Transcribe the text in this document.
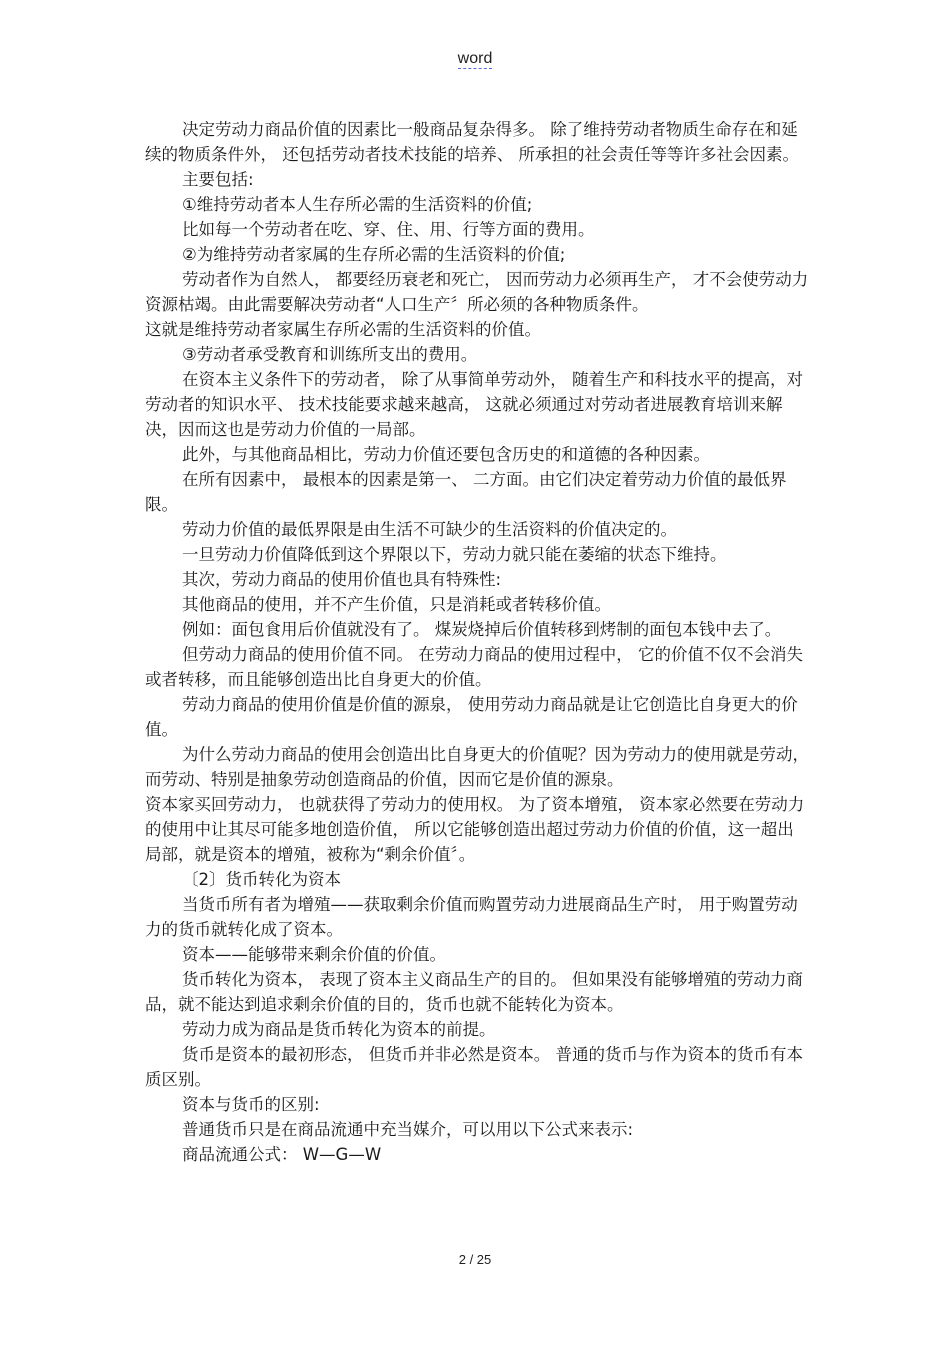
word

决定劳动力商品价值的因素比一般商品复杂得多。 除了维持劳动者物质生命存在和延续的物质条件外， 还包括劳动者技术技能的培养、 所承担的社会责任等等许多社会因素。

主要包括:

①维持劳动者本人生存所必需的生活资料的价值;

比如每一个劳动者在吃、穿、住、用、行等方面的费用。

②为维持劳动者家属的生存所必需的生活资料的价值;

劳动者作为自然人， 都要经历衰老和死亡， 因而劳动力必须再生产， 才不会使劳动力资源枯竭。由此需要解决劳动者“人口生产〞所必须的各种物质条件。

这就是维持劳动者家属生存所必需的生活资料的价值。

③劳动者承受教育和训练所支出的费用。

在资本主义条件下的劳动者， 除了从事简单劳动外， 随着生产和科技水平的提高，对劳动者的知识水平、 技术技能要求越来越高， 这就必须通过对劳动者进展教育培训来解决，因而这也是劳动力价值的一局部。

此外，与其他商品相比，劳动力价值还要包含历史的和道德的各种因素。

在所有因素中， 最根本的因素是第一、 二方面。由它们决定着劳动力价值的最低界限。

劳动力价值的最低界限是由生活不可缺少的生活资料的价值决定的。

一旦劳动力价值降低到这个界限以下，劳动力就只能在萎缩的状态下维持。

其次，劳动力商品的使用价值也具有特殊性:

其他商品的使用，并不产生价值，只是消耗或者转移价值。

例如：面包食用后价值就没有了。 煤炭烧掉后价值转移到烤制的面包本钱中去了。

但劳动力商品的使用价值不同。 在劳动力商品的使用过程中， 它的价值不仅不会消失或者转移，而且能够创造出比自身更大的价值。

劳动力商品的使用价值是价值的源泉， 使用劳动力商品就是让它创造比自身更大的价值。

为什么劳动力商品的使用会创造出比自身更大的价值呢？因为劳动力的使用就是劳动，而劳动、特别是抽象劳动创造商品的价值，因而它是价值的源泉。

资本家买回劳动力， 也就获得了劳动力的使用权。 为了资本增殖， 资本家必然要在劳动力的使用中让其尽可能多地创造价值， 所以它能够创造出超过劳动力价值的价值，这一超出局部，就是资本的增殖，被称为“剩余价值〞。

〔2〕货币转化为资本

当货币所有者为增殖——获取剩余价值而购置劳动力进展商品生产时， 用于购置劳动力的货币就转化成了资本。

资本——能够带来剩余价值的价值。

货币转化为资本， 表现了资本主义商品生产的目的。 但如果没有能够增殖的劳动力商品，就不能达到追求剩余价值的目的，货币也就不能转化为资本。

劳动力成为商品是货币转化为资本的前提。

货币是资本的最初形态， 但货币并非必然是资本。 普通的货币与作为资本的货币有本质区别。

资本与货币的区别:

普通货币只是在商品流通中充当媒介，可以用以下公式来表示:

商品流通公式： W—G—W

2 / 25
